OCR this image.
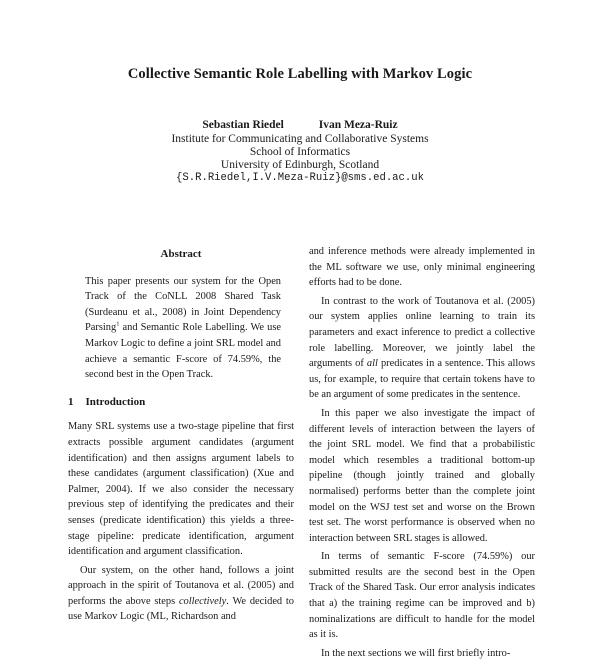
Collective Semantic Role Labelling with Markov Logic
Sebastian Riedel	Ivan Meza-Ruiz
Institute for Communicating and Collaborative Systems
School of Informatics
University of Edinburgh, Scotland
{S.R.Riedel,I.V.Meza-Ruiz}@sms.ed.ac.uk
Abstract
This paper presents our system for the Open Track of the CoNLL 2008 Shared Task (Surdeanu et al., 2008) in Joint Dependency Parsing$^1$ and Semantic Role Labelling. We use Markov Logic to define a joint SRL model and achieve a semantic F-score of 74.59%, the second best in the Open Track.
1 Introduction

Many SRL systems use a two-stage pipeline that first extracts possible argument candidates (argument identification) and then assigns argument labels to these candidates (argument classification) (Xue and Palmer, 2004). If we also consider the necessary previous step of identifying the predicates and their senses (predicate identification) this yields a three-stage pipeline: predicate identification, argument identification and argument classification.

Our system, on the other hand, follows a joint approach in the spirit of Toutanova et al. (2005) and performs the above steps collectively. We decided to use Markov Logic (ML, Richardson and

and inference methods were already implemented in the ML software we use, only minimal engineering efforts had to be done.

In contrast to the work of Toutanova et al. (2005) our system applies online learning to train its parameters and exact inference to predict a collective role labelling. Moreover, we jointly label the arguments of all predicates in a sentence. This allows us, for example, to require that certain tokens have to be an argument of some predicates in the sentence.

In this paper we also investigate the impact of different levels of interaction between the layers of the joint SRL model. We find that a probabilistic model which resembles a traditional bottom-up pipeline (though jointly trained and globally normalised) performs better than the complete joint model on the WSJ test set and worse on the Brown test set. The worst performance is observed when no interaction between SRL stages is allowed.

In terms of semantic F-score (74.59%) our submitted results are the second best in the Open Track of the Shared Task. Our error analysis indicates that a) the training regime can be improved and b) nominalizations are difficult to handle for the model as it is.

In the next sections we will first briefly intro-
